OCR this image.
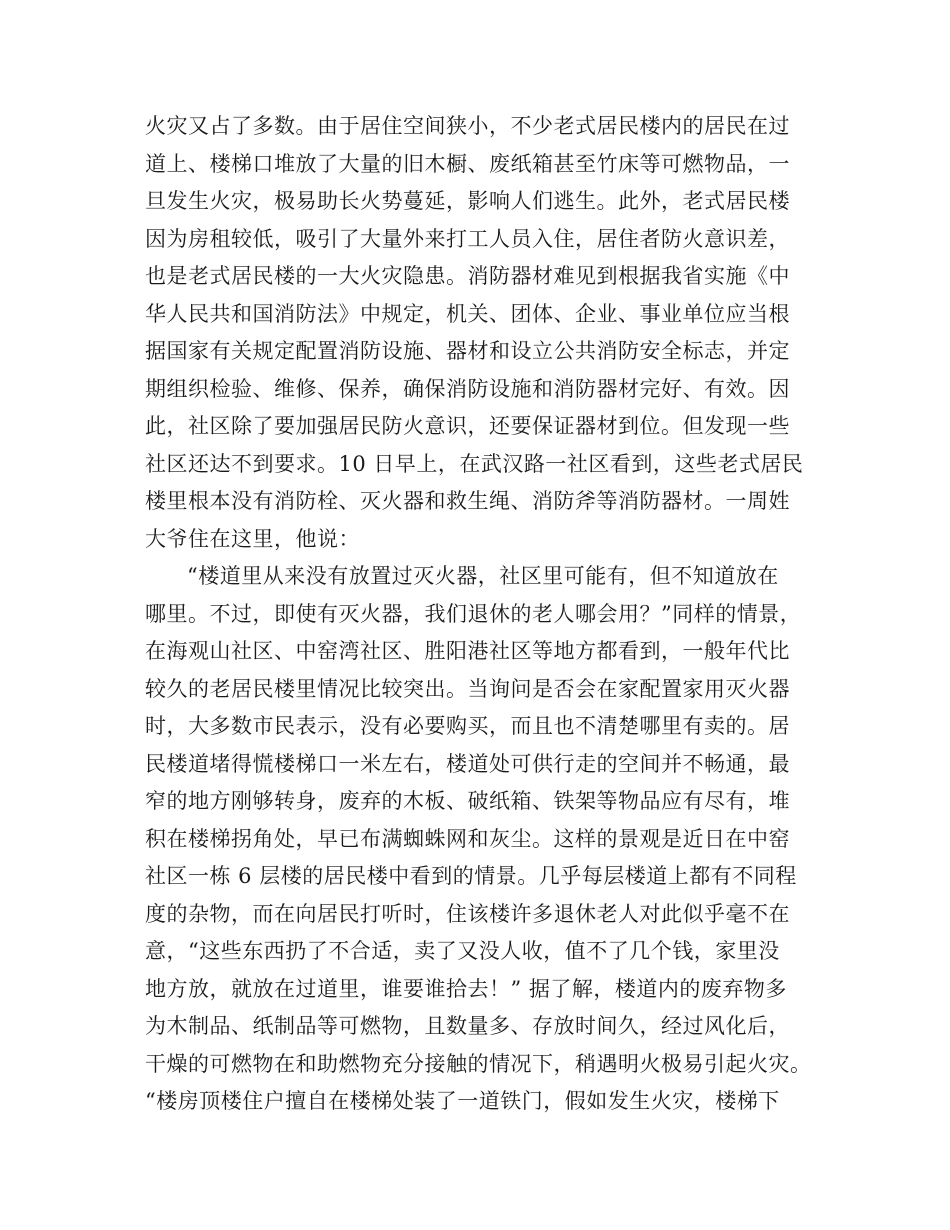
火灾又占了多数。由于居住空间狭小，不少老式居民楼内的居民在过
道上、楼梯口堆放了大量的旧木橱、废纸箱甚至竹床等可燃物品，一
旦发生火灾，极易助长火势蔓延，影响人们逃生。此外，老式居民楼
因为房租较低，吸引了大量外来打工人员入住，居住者防火意识差，
也是老式居民楼的一大火灾隐患。消防器材难见到根据我省实施《中
华人民共和国消防法》中规定，机关、团体、企业、事业单位应当根
据国家有关规定配置消防设施、器材和设立公共消防安全标志，并定
期组织检验、维修、保养，确保消防设施和消防器材完好、有效。因
此，社区除了要加强居民防火意识，还要保证器材到位。但发现一些
社区还达不到要求。10 日早上，在武汉路一社区看到，这些老式居民
楼里根本没有消防栓、灭火器和救生绳、消防斧等消防器材。一周姓
大爷住在这里，他说：
“楼道里从来没有放置过灭火器，社区里可能有，但不知道放在
哪里。不过，即使有灭火器，我们退休的老人哪会用？”同样的情景，
在海观山社区、中窑湾社区、胜阳港社区等地方都看到，一般年代比
较久的老居民楼里情况比较突出。当询问是否会在家配置家用灭火器
时，大多数市民表示，没有必要购买，而且也不清楚哪里有卖的。居
民楼道堵得慌楼梯口一米左右，楼道处可供行走的空间并不畅通，最
窄的地方刚够转身，废弃的木板、破纸箱、铁架等物品应有尽有，堆
积在楼梯拐角处，早已布满蜘蛛网和灰尘。这样的景观是近日在中窑
社区一栋 6 层楼的居民楼中看到的情景。几乎每层楼道上都有不同程
度的杂物，而在向居民打听时，住该楼许多退休老人对此似乎毫不在
意，“这些东西扔了不合适，卖了又没人收，值不了几个钱，家里没
地方放，就放在过道里，谁要谁拾去！” 据了解，楼道内的废弃物多
为木制品、纸制品等可燃物，且数量多、存放时间久，经过风化后，
干燥的可燃物在和助燃物充分接触的情况下，稍遇明火极易引起火灾。
“楼房顶楼住户擅自在楼梯处装了一道铁门，假如发生火灾，楼梯下
